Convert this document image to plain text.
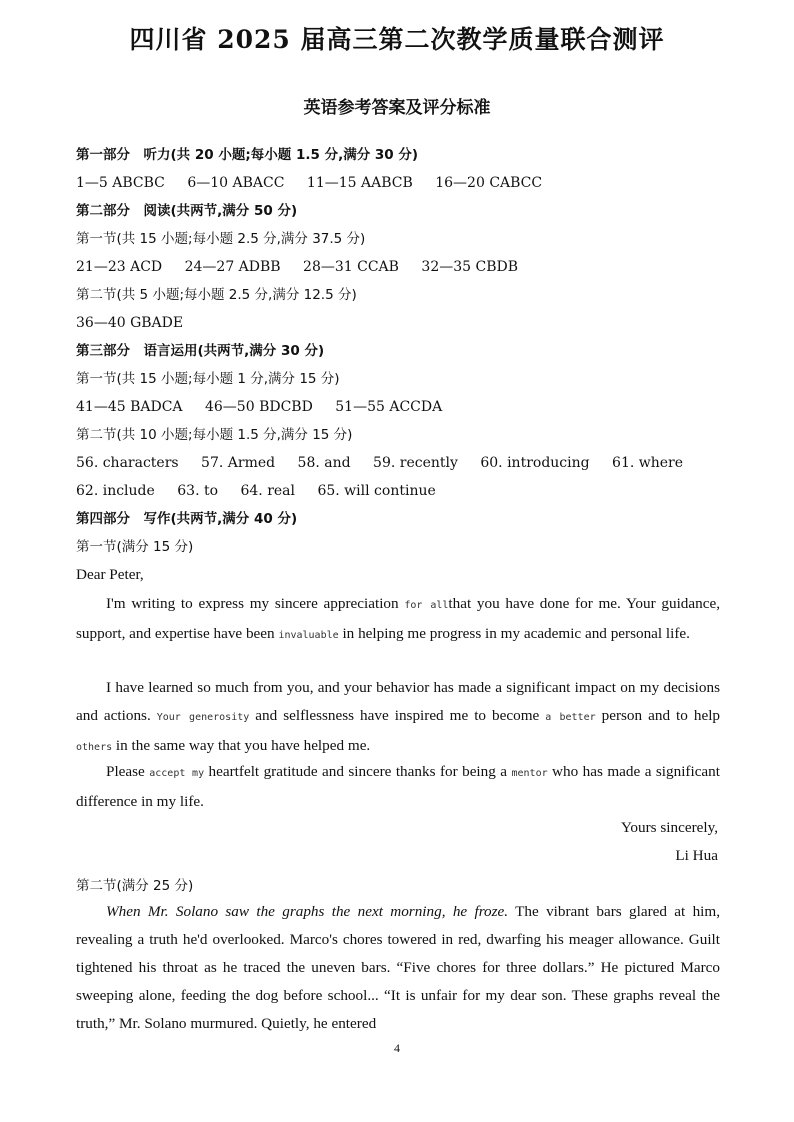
四川省 2025 届高三第二次教学质量联合测评
英语参考答案及评分标准
第一部分　听力(共 20 小题;每小题 1.5 分,满分 30 分)
1—5 ABCBC 6—10 ABACC 11—15 AABCB 16—20 CABCC
第二部分　阅读(共两节,满分 50 分)
第一节(共 15 小题;每小题 2.5 分,满分 37.5 分)
21—23 ACD 24—27 ADBB 28—31 CCAB 32—35 CBDB
第二节(共 5 小题;每小题 2.5 分,满分 12.5 分)
36—40 GBADE
第三部分　语言运用(共两节,满分 30 分)
第一节(共 15 小题;每小题 1 分,满分 15 分)
41—45 BADCA 46—50 BDCBD 51—55 ACCDA
第二节(共 10 小题;每小题 1.5 分,满分 15 分)
56. characters 57. Armed 58. and 59. recently 60. introducing 61. where
62. include 63. to 64. real 65. will continue
第四部分　写作(共两节,满分 40 分)
第一节(满分 15 分)
Dear Peter,
I'm writing to express my sincere appreciation for allthat you have done for me. Your guidance, support, and expertise have been invaluable in helping me progress in my academic and personal life.
I have learned so much from you, and your behavior has made a significant impact on my decisions and actions. Your generosity and selflessness have inspired me to become a better person and to help others in the same way that you have helped me.
Please accept my heartfelt gratitude and sincere thanks for being a mentor who has made a significant difference in my life.
Yours sincerely,
Li Hua
第二节(满分 25 分)
When Mr. Solano saw the graphs the next morning, he froze. The vibrant bars glared at him, revealing a truth he'd overlooked. Marco's chores towered in red, dwarfing his meager allowance. Guilt tightened his throat as he traced the uneven bars. “Five chores for three dollars.” He pictured Marco sweeping alone, feeding the dog before school... “It is unfair for my dear son. These graphs reveal the truth,” Mr. Solano murmured. Quietly, he entered
4
